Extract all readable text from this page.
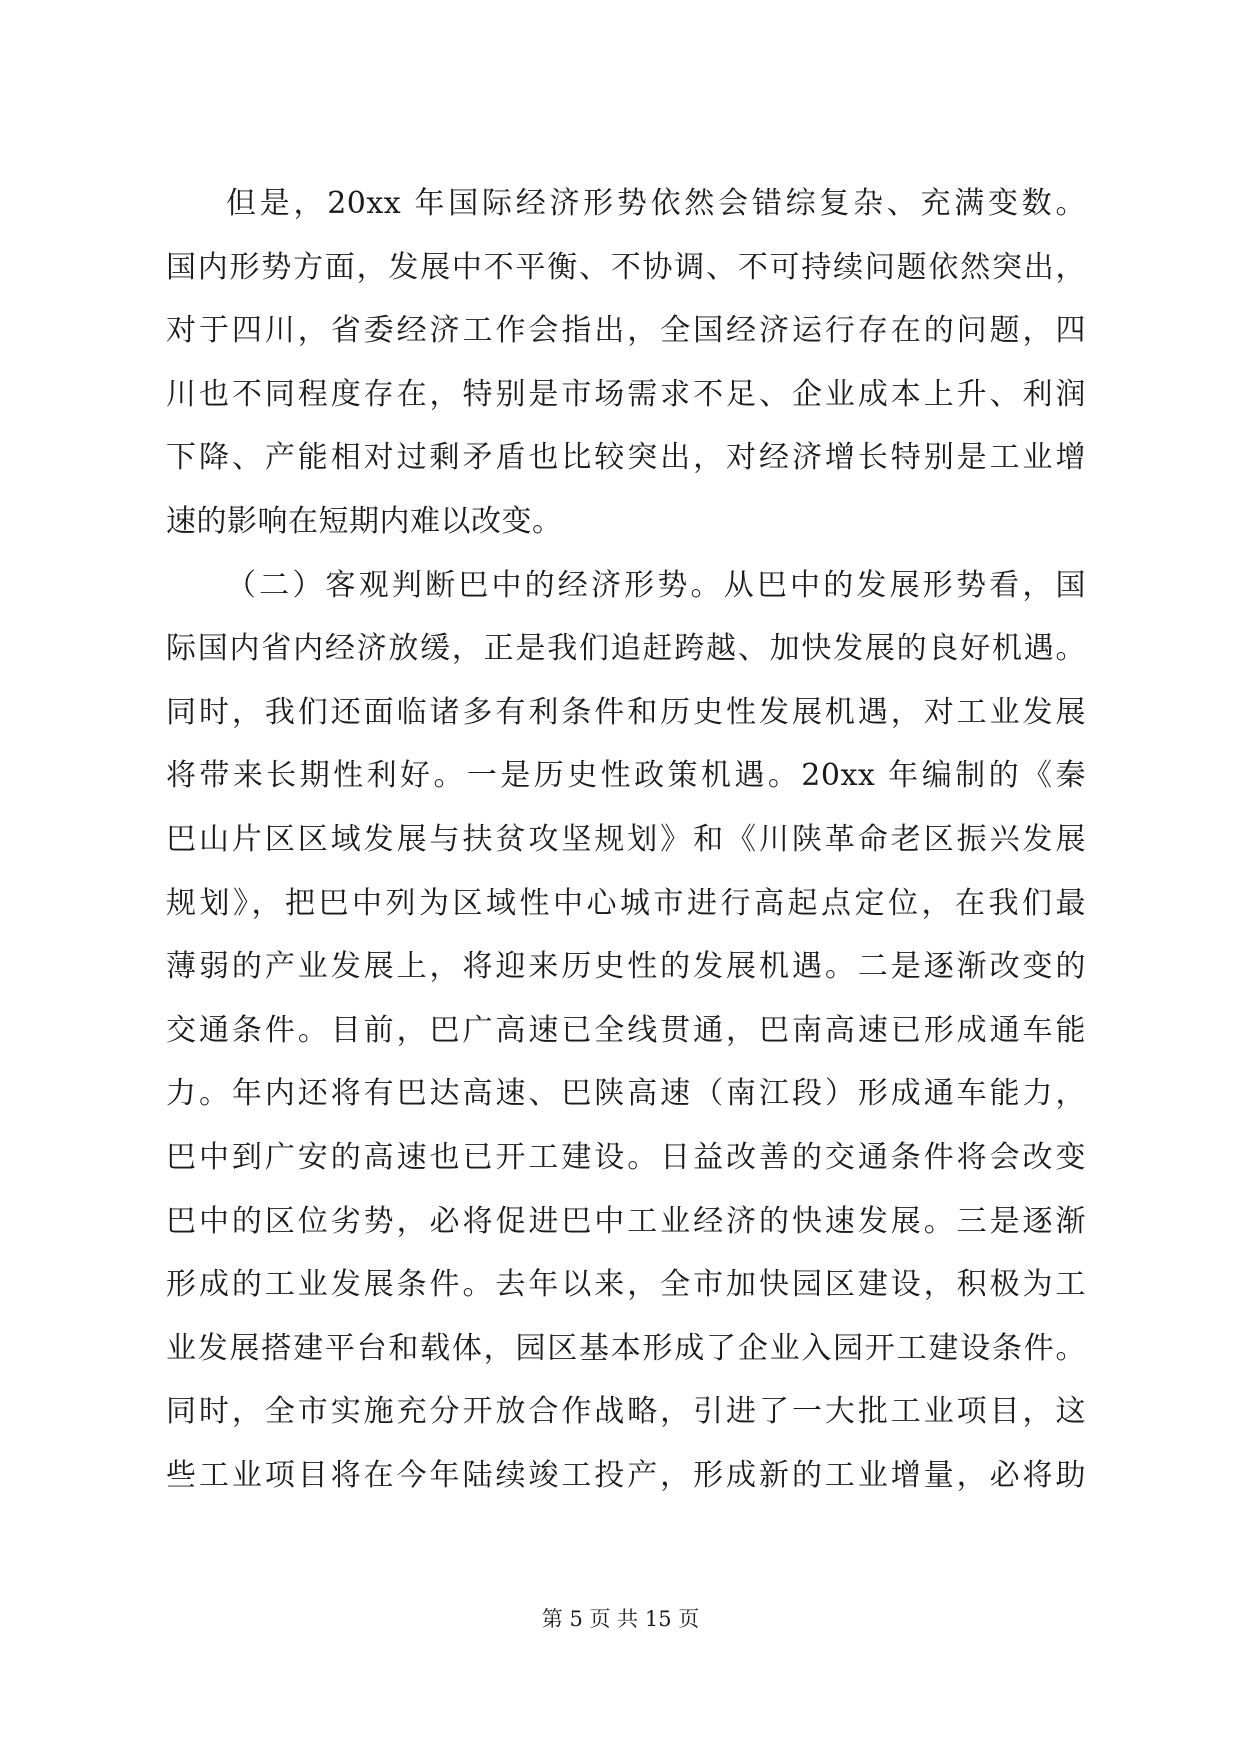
但是，20xx 年国际经济形势依然会错综复杂、充满变数。
国内形势方面，发展中不平衡、不协调、不可持续问题依然突出，
对于四川，省委经济工作会指出，全国经济运行存在的问题，四
川也不同程度存在，特别是市场需求不足、企业成本上升、利润
下降、产能相对过剩矛盾也比较突出，对经济增长特别是工业增
速的影响在短期内难以改变。
（二）客观判断巴中的经济形势。从巴中的发展形势看，国
际国内省内经济放缓，正是我们追赶跨越、加快发展的良好机遇。
同时，我们还面临诸多有利条件和历史性发展机遇，对工业发展
将带来长期性利好。一是历史性政策机遇。20xx 年编制的《秦
巴山片区区域发展与扶贫攻坚规划》和《川陕革命老区振兴发展
规划》，把巴中列为区域性中心城市进行高起点定位，在我们最
薄弱的产业发展上，将迎来历史性的发展机遇。二是逐渐改变的
交通条件。目前，巴广高速已全线贯通，巴南高速已形成通车能
力。年内还将有巴达高速、巴陕高速（南江段）形成通车能力，
巴中到广安的高速也已开工建设。日益改善的交通条件将会改变
巴中的区位劣势，必将促进巴中工业经济的快速发展。三是逐渐
形成的工业发展条件。去年以来，全市加快园区建设，积极为工
业发展搭建平台和载体，园区基本形成了企业入园开工建设条件。
同时，全市实施充分开放合作战略，引进了一大批工业项目，这
些工业项目将在今年陆续竣工投产，形成新的工业增量，必将助
第 5 页 共 15 页
